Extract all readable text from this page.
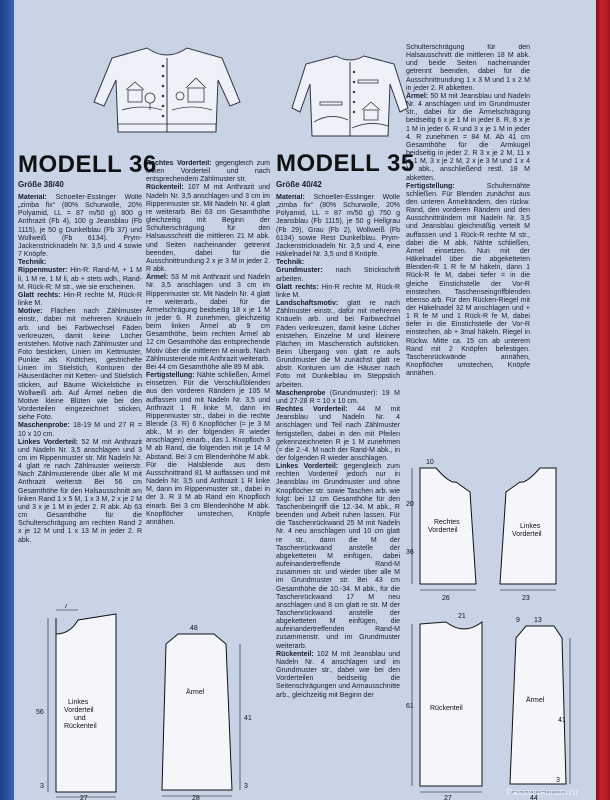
MODELL 36
Größe 38/40
MODELL 35
Größe 40/42

Material: Schoeller-Esslinger Wolle „zimba fix“ (80% Schurwolle, 20% Polyamid, LL = 87 m/50 g) 800 g Anthrazit (Fb 4), 100 g Jeansblau (Fb 1115), je 50 g Dunkelblau (Fb 37) und Wollweiß (Fb 6134). Prym-Jackenstricknadeln Nr. 3,5 und 4 sowie 7 Knöpfe.

Technik:

Rippenmuster: Hin-R: Rand-M, + 1 M li, 1 M re, 1 M li, ab + stets wdh., Rand-M. Rück-R: M str., wie sie erscheinen.

Glatt rechts: Hin-R rechte M, Rück-R linke M.

Motive: Flächen nach Zählmuster einstr., dabei mit mehreren Knäueln arb. und bei Farbwechsel Fäden verkreuzen, damit keine Löcher entstehen. Motive nach Zählmuster und Foto besticken, Linien im Kettmuster, Punkte als Knötchen, gestrichelte Linien im Stielstich, Konturen der Häuserdächer mit Ketten- und Stielstich sticken, auf Bäume Wickelstiche in Wollweiß arb. Auf Ärmel neben die Motive kleine Blüten wie bei den Vorderteilen eingezeichnet sticken, siehe Foto.

Maschenprobe: 18-19 M und 27 R = 10 x 10 cm.

Linkes Vorderteil: 52 M mit Anthrazit und Nadeln Nr. 3,5 anschlagen und 3 cm im Rippenmuster str. Mit Nadeln Nr. 4 glatt re nach Zählmuster weiterstr. Nach Zählmusterende über alle M mit Anthrazit weiterstr. Bei 56 cm Gesamthöhe für den Halsausschnitt am linken Rand 1 x 5 M, 1 x 3 M, 2 x je 2 M und 3 x je 1 M in jeder 2. R abk. Ab 63 cm Gesamthöhe für die Schulterschrägung am rechten Rand 2 x je 12 M und 1 x 13 M in jeder 2. R abk.

Rechtes Vorderteil: gegengleich zum linken Vorderteil und nach entsprechendem Zählmuster str.

Rückenteil: 107 M mit Anthrazit und Nadeln Nr. 3,5 anschlagen und 3 cm im Rippenmuster str. Mit Nadeln Nr. 4 glatt re weiterarb. Bei 63 cm Gesamthöhe gleichzeitig mit Beginn der Schulterschrägung für den Halsausschnitt die mittleren 21 M abk. und Seiten nacheinander getrennt beenden, dabei für die Ausschnittrundung 2 x je 3 M in jeder 2. R abk.

Ärmel: 53 M mit Anthrazit und Nadeln Nr. 3,5 anschlagen und 3 cm im Rippenmuster str. Mit Nadeln Nr. 4 glatt re weiterarb., dabei für die Ärmelschrägung beidseitig 18 x je 1 M in jeder 6. R zunehmen, gleichzeitig beim linken Ärmel ab 9 cm Gesamthöhe, beim rechten Ärmel ab 12 cm Gesamthöhe das entsprechende Motiv über die mittleren M einarb. Nach Zählmusterende mit Anthrazit weiterarb. Bei 44 cm Gesamthöhe alle 89 M abk.

Fertigstellung: Nähte schließen, Ärmel einsetzen. Für die Verschlußblenden aus den vorderen Rändern je 105 M auffassen und mit Nadeln Nr. 3,5 und Anthrazit 1 R linke M, dann im Rippenmuster str., dabei in die rechte Blende (3. R) 6 Knopflöcher (= je 3 M abk., M in der folgenden R wieder anschlagen) einarb., das 1. Knopfloch 3 M ab Rand, die folgenden mit je 14 M Abstand. Bei 3 cm Blendenhöhe M abk. Für die Halsblende aus dem Ausschnittrand 81 M auffassen und mit Nadeln Nr. 3,5 und Anthrazit 1 R linke M, dann im Rippenmuster str., dabei in der 3. R 3 M ab Rand ein Knopfloch einarb. Bei 3 cm Blendenhöhe M abk. Knopflöcher umstechen, Knöpfe annähen.

Material: Schoeller-Esslinger Wolle „zimba fix“ (80% Schurwolle, 20% Polyamid, LL = 87 m/50 g) 750 g Jeansblau (Fb 1115), je 50 g Hellgrau (Fb 29), Grau (Fb 2), Wollweiß (Fb 6134) sowie Rest Dunkelblau. Prym-Jackenstricknadeln Nr. 3,5 und 4, eine Häkelnadel Nr. 3,5 und 8 Knöpfe.

Technik:

Grundmuster: nach Strickschrift arbeiten.

Glatt rechts: Hin-R rechte M, Rück-R linke M.

Landschaftsmotiv: glatt re nach Zählmuster einstr., dafür mit mehreren Knäueln arb. und bei Farbwechsel Fäden verkreuzen, damit keine Löcher entstehen. Einzelne M und kleinere Flächen im Maschenstich aufsticken. Beim Übergang von glatt re aufs Grundmuster die M zunächst glatt re abstr. Konturen um die Häuser nach Foto mit Dunkelblau im Steppstich arbeiten.

Maschenprobe (Grundmuster): 19 M und 27-28 R = 10 x 10 cm.

Rechtes Vorderteil: 44 M mit Jeansblau und Nadeln Nr. 4 anschlagen und Teil nach Zählmuster fertigstellen, dabei in den mit Pfeilen gekennzeichneten R je 1 M zunehmen (= die 2.-4. M nach der Rand-M abk., in der folgenden R wieder anschlagen.

Linkes Vorderteil: gegengleich zum rechten Vorderteil jedoch nur in Jeansblau im Grundmuster und ohne Knopflöcher str. sowie Taschen arb. wie folgt: bei 12 cm Gesamthöhe für den Taschenbeingriff die 12.-34. M abk., R beenden und Arbeit ruhen lassen. Für die Taschenrückwand 25 M mit Nadeln Nr. 4 neu anschlagen und 10 cm glatt re str., dann die M der Taschenrückwand anstelle der abgeketteten M einfügen, dabei aufeinandertreffende Rand-M zusammen str. und wieder über alle M im Grundmuster str. Bei 43 cm Gesamthöhe die 10.-34. M abk., für die Taschenrückwand 17 M neu anschlagen und 8 cm glatt re str. M der Taschenrückwand anstelle der abgeketteten M einfügen, die aufeinandertreffenden Rand-M zusammenstr. und im Grundmuster weiterarb.

Rückenteil: 102 M mit Jeansblau und Nadeln Nr. 4 anschlagen und im Grundmuster str., dabei wie bei den Vorderteilen beidseitig die Seitenschrägungen und Armausschnitte arb., gleichzeitig mit Beginn der

Schulterschrägung für den Halsausschnitt die mittleren 18 M abk. und beide Seiten nacheinander getrennt beenden, dabei für die Ausschnittrundung 1 x 3 M und 1 x 2 M in jeder 2. R abketten.

Ärmel: 50 M mit Jeansblau und Nadeln Nr. 4 anschlagen und im Grundmuster str., dabei für die Ärmelschrägung beidseitig 6 x je 1 M in jeder 8. R, 8 x je 1 M in jeder 6. R und 3 x je 1 M in jeder 4. R zunehmen = 84 M. Ab 41 cm Gesamthöhe für die Armkugel beidseitig in jeder 2. R 3 x je 2 M, 11 x je 1 M, 3 x je 2 M, 2 x je 3 M und 1 x 4 M abk., anschließend restl. 18 M abketten.

Fertigstellung:	Schulternähte schließen. Für Blenden zunächst aus den unteren Ärmelrändern, den rückw. Rand, den vorderen Rändern und den Ausschnitträndern mit Nadeln Nr. 3,5 und Jeansblau gleichmäßig verteilt M auffassen und 1 Rück-R rechte M str., dabei die M abk. Nähte schließen, Ärmel einsetzen. Nun mit der Häkelnadel über die abgeketteten Blenden-R 1 R fe M häkeln, dann 1 Rück-R fe M, dabei tiefer = in die gleiche Einstichstelle der Vor-R einstechen. Taschenseingriffblenden ebenso arb. Für den Rücken-Riegel mit der Häkelnadel 32 M anschlagen und + 1 R fe M und 1 Rück-R fe M, dabei tiefer in die Einstichstelle der Vor-R einstechen, ab + 3mal häkeln. Riegel in Rückw. Mitte ca. 15 cm ab unterem Rand mit 2 Knöpfen befestigen. Taschenrückwände annähen, Knopflöcher umstechen, Knöpfe annähen.

Linkes
Vorderteil
und
Rückenteil
Ärmel
7
56
3
27
41
28
48
3
Rechtes
Vorderteil
Linkes
Vorderteil
Rückenteil
Ärmel
10
20
36
26	23
61
21
41
27
9 13
3
44
PassionForum.ru
